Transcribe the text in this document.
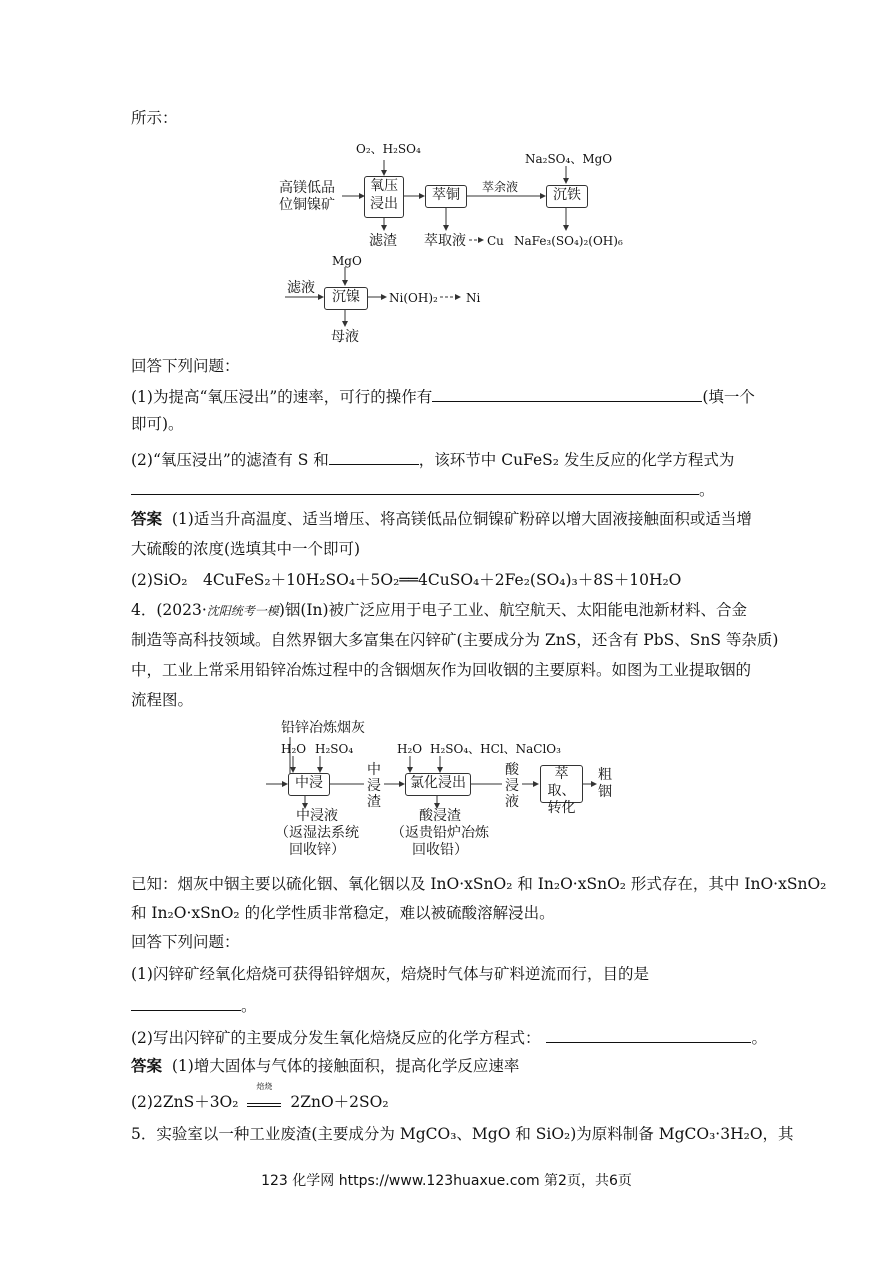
所示：
O₂、H₂SO₄
高镁低品
位铜镍矿
氧压
浸出
萃铜	萃余液
Na₂SO₄、MgO
沉铁
滤渣 萃取液 Cu NaFe₃(SO₄)₂(OH)₆
MgO
滤液
沉镍	Ni(OH)₂ Ni
母液
回答下列问题：
(1)为提高“氧压浸出”的速率，可行的操作有	(填一个
即可)。
(2)“氧压浸出”的滤渣有 S 和	，该环节中 CuFeS₂ 发生反应的化学方程式为
。
答案 (1)适当升高温度、适当增压、将高镁低品位铜镍矿粉碎以增大固液接触面积或适当增
大硫酸的浓度(选填其中一个即可)
(2)SiO₂　4CuFeS₂＋10H₂SO₄＋5O₂══4CuSO₄＋2Fe₂(SO₄)₃＋8S＋10H₂O
4．(2023·沈阳统考一模)铟(In)被广泛应用于电子工业、航空航天、太阳能电池新材料、合金
制造等高科技领域。自然界铟大多富集在闪锌矿(主要成分为 ZnS，还含有 PbS、SnS 等杂质)
中，工业上常采用铅锌冶炼过程中的含铟烟灰作为回收铟的主要原料。如图为工业提取铟的
流程图。
铅锌冶炼烟灰
H₂O H₂SO₄	H₂O H₂SO₄、HCl、NaClO₃
中浸
中
浸
渣
氯化浸出
酸
浸
液
萃取、
转化
粗
铟
中浸液
（返湿法系统
回收锌）
酸浸渣
（返贵铅炉冶炼
回收铅）
已知：烟灰中铟主要以硫化铟、氧化铟以及 InO·xSnO₂ 和 In₂O·xSnO₂ 形式存在，其中 InO·xSnO₂
和 In₂O·xSnO₂ 的化学性质非常稳定，难以被硫酸溶解浸出。
回答下列问题：
(1)闪锌矿经氧化焙烧可获得铅锌烟灰，焙烧时气体与矿料逆流而行，目的是
。
(2)写出闪锌矿的主要成分发生氧化焙烧反应的化学方程式：	。
答案 (1)增大固体与气体的接触面积，提高化学反应速率
(2)2ZnS＋3O₂
焙烧
2ZnO＋2SO₂
5．实验室以一种工业废渣(主要成分为 MgCO₃、MgO 和 SiO₂)为原料制备 MgCO₃·3H₂O，其
123 化学网 https://www.123huaxue.com 第2页，共6页
